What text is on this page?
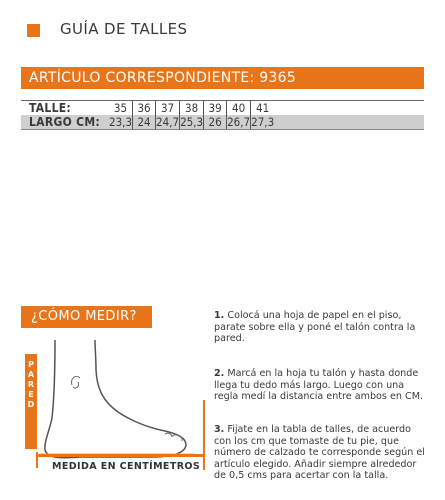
GUÍA DE TALLES
ARTÍCULO CORRESPONDIENTE: 9365
TALLE:	35	36	37	38	39	40	41	
LARGO CM:	23,3	24	24,7	25,3	26	26,7	27,3	
¿CÓMO MEDIR?
P
A
R
E
D
MEDIDA EN CENTÍMETROS
1. Colocá una hoja de papel en el piso, parate sobre ella y poné el talón contra la pared.
2. Marcá en la hoja tu talón y hasta donde llega tu dedo más largo. Luego con una regla medí la distancia entre ambos en CM.
3. Fijate en la tabla de talles, de acuerdo con los cm que tomaste de tu pie, que número de calzado te corresponde según el artículo elegido. Añadir siempre alrededor de 0,5 cms para acertar con la talla.
